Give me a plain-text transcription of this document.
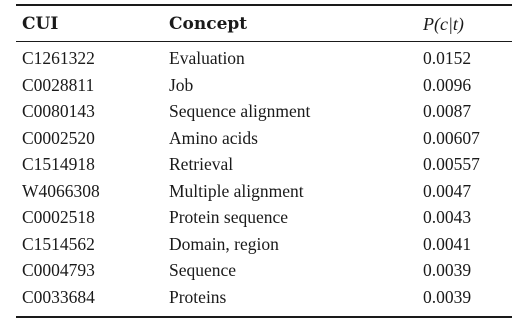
CUI	Concept	P(c|t)
C1261322	Evaluation	0.0152
C0028811	Job	0.0096
C0080143	Sequence alignment	0.0087
C0002520	Amino acids	0.00607
C1514918	Retrieval	0.00557
W4066308	Multiple alignment	0.0047
C0002518	Protein sequence	0.0043
C1514562	Domain, region	0.0041
C0004793	Sequence	0.0039
C0033684	Proteins	0.0039
